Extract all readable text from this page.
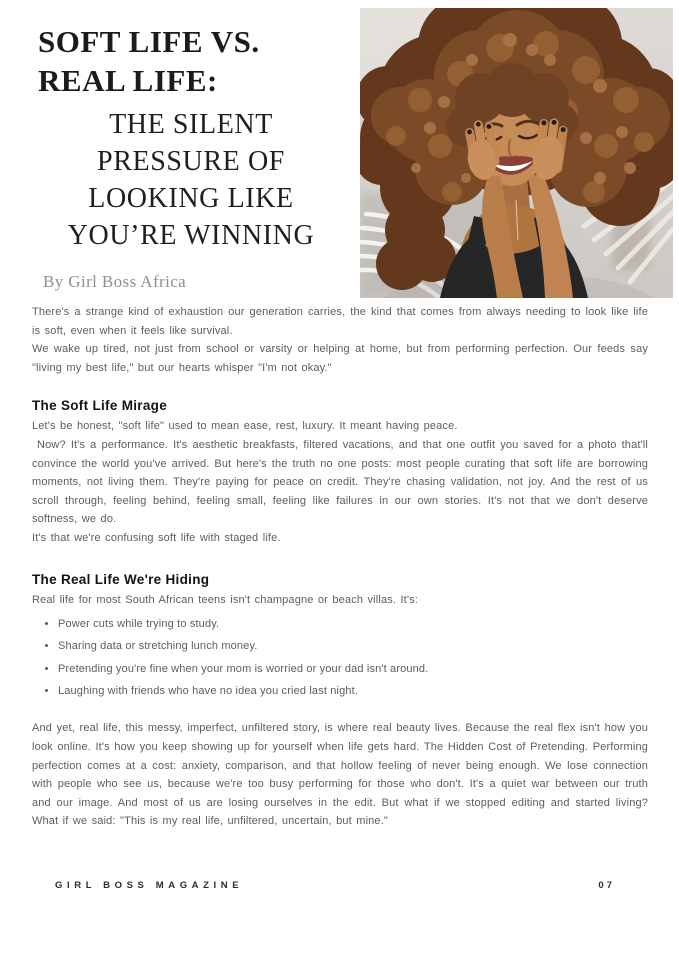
SOFT LIFE VS.
REAL LIFE:
THE SILENT
PRESSURE OF
LOOKING LIKE
YOU’RE WINNING
By Girl Boss Africa

There's a strange kind of exhaustion our generation carries, the kind that comes from always needing to look like life is soft, even when it feels like survival.

We wake up tired, not just from school or varsity or helping at home, but from performing perfection. Our feeds say "living my best life," but our hearts whisper "I'm not okay."

The Soft Life Mirage

Let's be honest, "soft life" used to mean ease, rest, luxury. It meant having peace.

Now? It's a performance. It's aesthetic breakfasts, filtered vacations, and that one outfit you saved for a photo that'll convince the world you've arrived. But here's the truth no one posts: most people curating that soft life are borrowing moments, not living them. They're paying for peace on credit. They're chasing validation, not joy. And the rest of us scroll through, feeling behind, feeling small, feeling like failures in our own stories. It's not that we don't deserve softness, we do.

It's that we're confusing soft life with staged life.

The Real Life We're Hiding

Real life for most South African teens isn't champagne or beach villas. It's:

• Power cuts while trying to study.
• Sharing data or stretching lunch money.
• Pretending you're fine when your mom is worried or your dad isn't around.
• Laughing with friends who have no idea you cried last night.

And yet, real life, this messy, imperfect, unfiltered story, is where real beauty lives. Because the real flex isn't how you look online. It's how you keep showing up for yourself when life gets hard. The Hidden Cost of Pretending. Performing perfection comes at a cost: anxiety, comparison, and that hollow feeling of never being enough. We lose connection with people who see us, because we're too busy performing for those who don't. It's a quiet war between our truth and our image. And most of us are losing ourselves in the edit. But what if we stopped editing and started living? What if we said: "This is my real life, unfiltered, uncertain, but mine."

GIRL BOSS MAGAZINE	07
